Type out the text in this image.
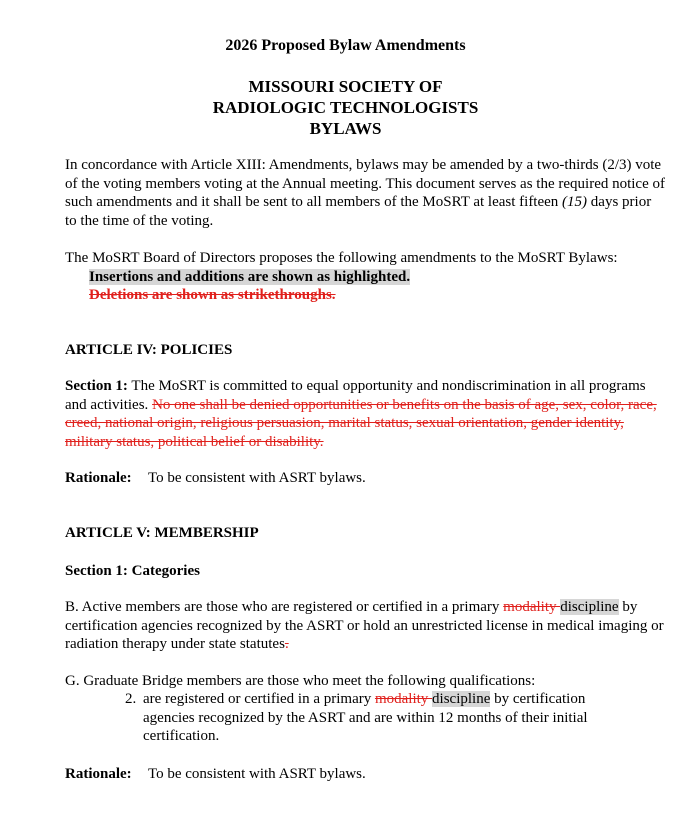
2026 Proposed Bylaw Amendments
MISSOURI SOCIETY OF
RADIOLOGIC TECHNOLOGISTS
BYLAWS
In concordance with Article XIII: Amendments, bylaws may be amended by a two-thirds (2/3) vote of the voting members voting at the Annual meeting. This document serves as the required notice of such amendments and it shall be sent to all members of the MoSRT at least fifteen (15) days prior to the time of the voting.
The MoSRT Board of Directors proposes the following amendments to the MoSRT Bylaws:
Insertions and additions are shown as highlighted.
Deletions are shown as strikethroughs.
ARTICLE IV: POLICIES
Section 1: The MoSRT is committed to equal opportunity and nondiscrimination in all programs and activities. No one shall be denied opportunities or benefits on the basis of age, sex, color, race, creed, national origin, religious persuasion, marital status, sexual orientation, gender identity, military status, political belief or disability.
Rationale: To be consistent with ASRT bylaws.
ARTICLE V: MEMBERSHIP
Section 1: Categories
B. Active members are those who are registered or certified in a primary modality discipline by certification agencies recognized by the ASRT or hold an unrestricted license in medical imaging or radiation therapy under state statutes.
G. Graduate Bridge members are those who meet the following qualifications:
2. are registered or certified in a primary modality discipline by certification agencies recognized by the ASRT and are within 12 months of their initial certification.
Rationale: To be consistent with ASRT bylaws.
